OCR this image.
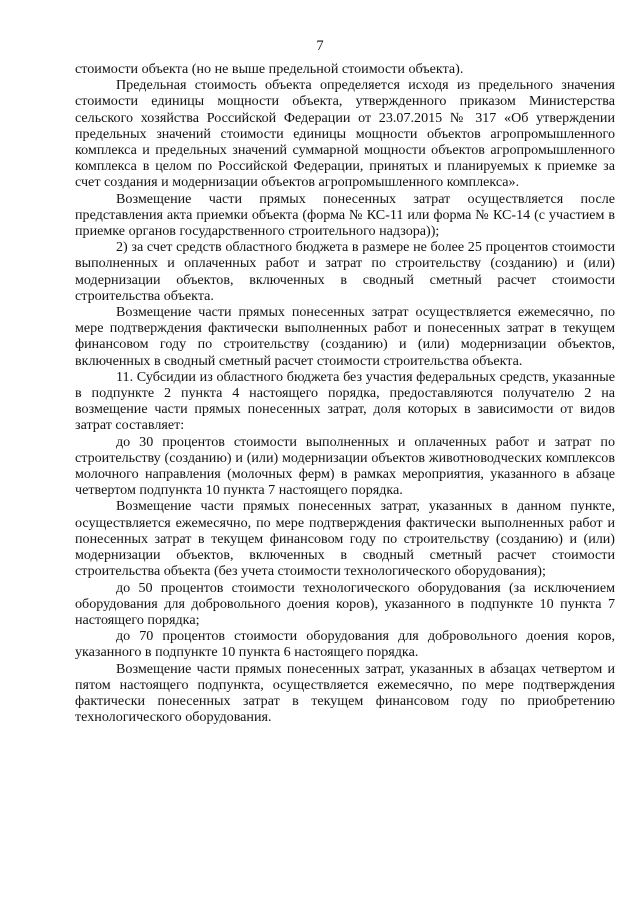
7

стоимости объекта (но не выше предельной стоимости объекта).

Предельная стоимость объекта определяется исходя из предельного значения стоимости единицы мощности объекта, утвержденного приказом Министерства сельского хозяйства Российской Федерации от 23.07.2015 № 317 «Об утверждении предельных значений стоимости единицы мощности объектов агропромышленного комплекса и предельных значений суммарной мощности объектов агропромышленного комплекса в целом по Российской Федерации, принятых и планируемых к приемке за счет создания и модернизации объектов агропромышленного комплекса».

Возмещение части прямых понесенных затрат осуществляется после представления акта приемки объекта (форма № КС-11 или форма № КС-14 (с участием в приемке органов государственного строительного надзора));

2) за счет средств областного бюджета в размере не более 25 процентов стоимости выполненных и оплаченных работ и затрат по строительству (созданию) и (или) модернизации объектов, включенных в сводный сметный расчет стоимости строительства объекта.

Возмещение части прямых понесенных затрат осуществляется ежемесячно, по мере подтверждения фактически выполненных работ и понесенных затрат в текущем финансовом году по строительству (созданию) и (или) модернизации объектов, включенных в сводный сметный расчет стоимости строительства объекта.

11. Субсидии из областного бюджета без участия федеральных средств, указанные в подпункте 2 пункта 4 настоящего порядка, предоставляются получателю 2 на возмещение части прямых понесенных затрат, доля которых в зависимости от видов затрат составляет:

до 30 процентов стоимости выполненных и оплаченных работ и затрат по строительству (созданию) и (или) модернизации объектов животноводческих комплексов молочного направления (молочных ферм) в рамках мероприятия, указанного в абзаце четвертом подпункта 10 пункта 7 настоящего порядка.

Возмещение части прямых понесенных затрат, указанных в данном пункте, осуществляется ежемесячно, по мере подтверждения фактически выполненных работ и понесенных затрат в текущем финансовом году по строительству (созданию) и (или) модернизации объектов, включенных в сводный сметный расчет стоимости строительства объекта (без учета стоимости технологического оборудования);

до 50 процентов стоимости технологического оборудования (за исключением оборудования для добровольного доения коров), указанного в подпункте 10 пункта 7 настоящего порядка;

до 70 процентов стоимости оборудования для добровольного доения коров, указанного в подпункте 10 пункта 6 настоящего порядка.

Возмещение части прямых понесенных затрат, указанных в абзацах четвертом и пятом настоящего подпункта, осуществляется ежемесячно, по мере подтверждения фактически понесенных затрат в текущем финансовом году по приобретению технологического оборудования.
